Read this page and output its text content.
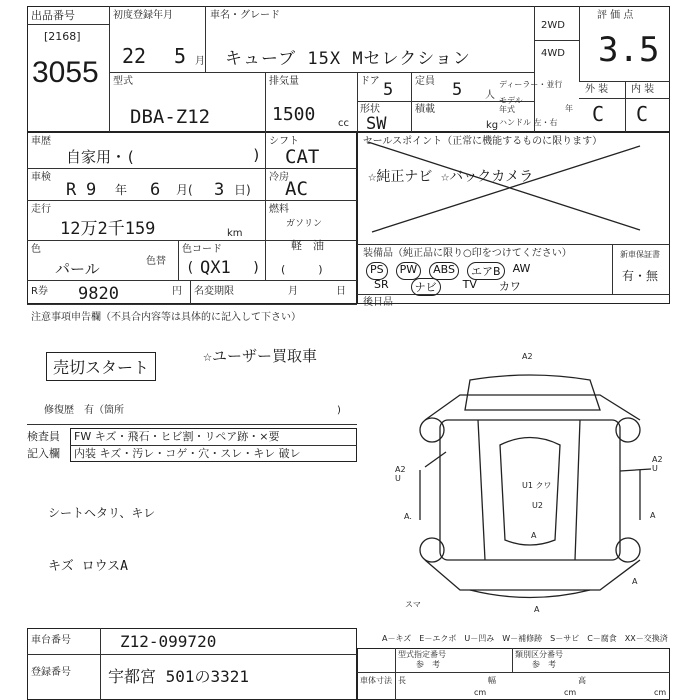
出品番号
[2168]
3055
初度登録年月
22 5 月
車名・グレード
キューブ 15X Mセレクション
2WD
4WD
評 価 点
3.5
外 装 内 装
C C
型式
DBA-Z12
排気量
1500 cc
ドア 5 定員 5 人
形状
SW
積載
kg
ディーラー・並行
モデル年式	年
ハンドル 左・右
車歴
自家用・(	)
シフト
CAT
車検
R 9 年 6 月( 3 日)
冷房
AC
走行
12万2千159	km
燃料
ガソリン
軽　油
(　　　)
色
パール	色替
色コード
QX1
(	)
R券 9820	円 名変期限	月	日
セールスポイント（正常に機能するものに限ります）
☆純正ナビ ☆バックカメラ
装備品（純正品に限り○印をつけてください）
PS	PW	ABS	エアB	AW
SR	ナビ	TV カワ
新車保証書
有・無
後日品
注意事項申告欄（不具合内容等は具体的に記入して下さい）
売切スタート
☆ユーザー買取車
修復歴　有（箇所	)
検査員
記入欄
FW キズ・飛石・ヒビ割・リペア跡・×要
内装 キズ・汚レ・コゲ・穴・スレ・キレ 破レ
シートヘタリ、キレ
キズ ロウスA
A2
A2 U
U1 クワ
U2
A2 U
A.	A
A
A
スマ
A
A－キズ　E－エクボ　U－凹み　W－補修跡　S－サビ　C－腐食　XX－交換済
車台番号	Z12-099720
登録番号 宇都宮 501の3321
型式指定番号
参　考
類別区分番号
参　考
車体寸法 長	幅	高
cm	cm	cm
